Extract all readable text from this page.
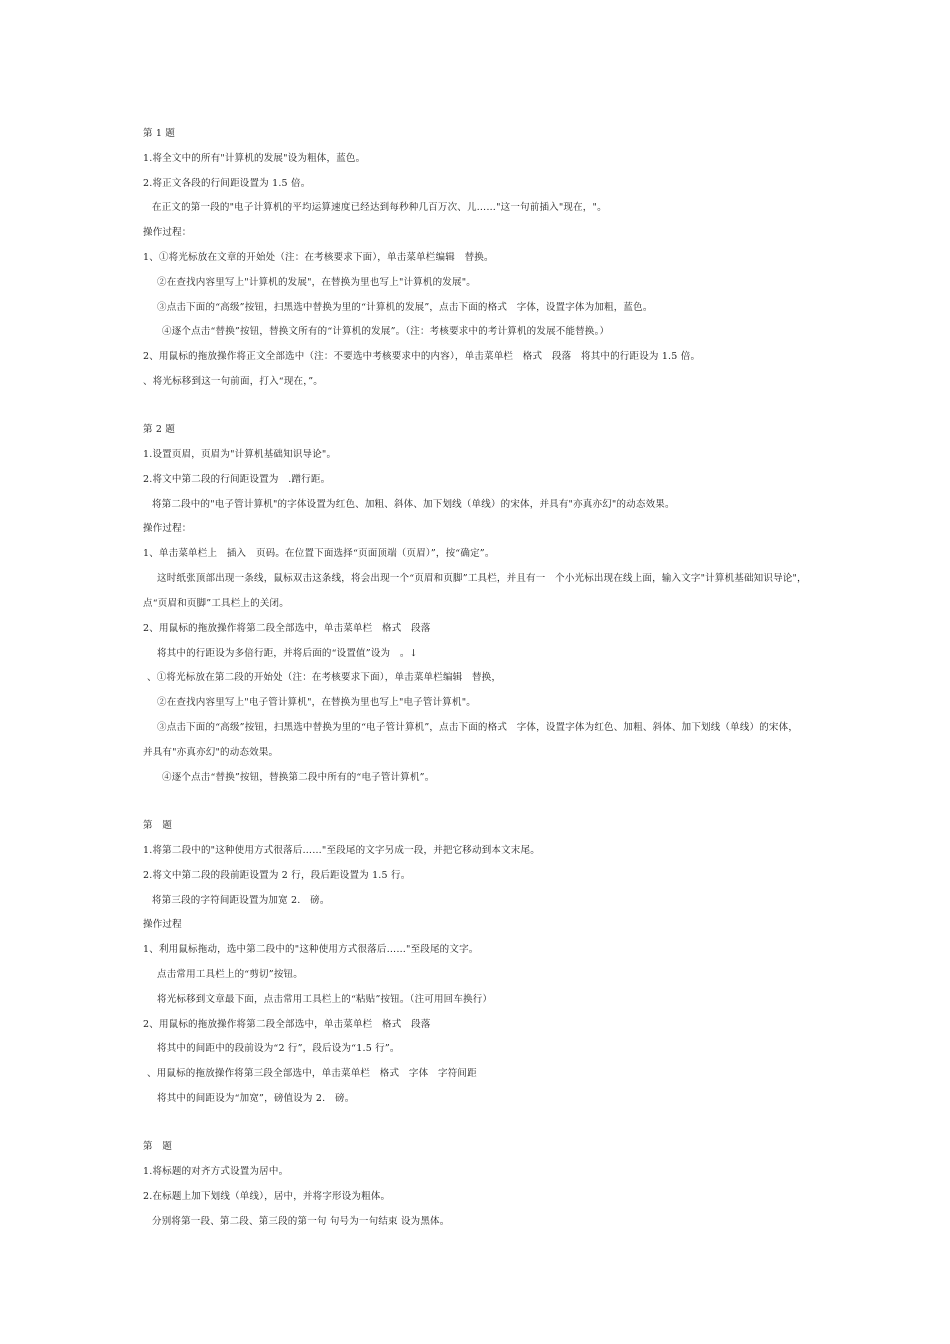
第 1 题
1.将全文中的所有"计算机的发展"设为粗体，蓝色。
2.将正文各段的行间距设置为 1.5 倍。
在正文的第一段的"电子计算机的平均运算速度已经达到每秒种几百万次、儿……"这一句前插入"现在，"。
操作过程：
1、①将光标放在文章的开始处（注：在考核要求下面），单击菜单栏编辑　替换。
②在查找内容里写上"计算机的发展"，在替换为里也写上"计算机的发展"。
③点击下面的“高级”按钮，扫黑选中替换为里的“计算机的发展”，点击下面的格式　字体，设置字体为加粗，蓝色。
④逐个点击“替换”按钮，替换文所有的“计算机的发展”。（注：考核要求中的考计算机的发展不能替换。）
2、用鼠标的拖放操作将正文全部选中（注：不要选中考核要求中的内容），单击菜单栏　格式　段落　将其中的行距设为 1.5 倍。
、将光标移到这一句前面，打入“现在，”。
第 2 题
1.设置页眉，页眉为"计算机基础知识导论"。
2.将文中第二段的行间距设置为　.蹭行距。
将第二段中的"电子管计算机"的字体设置为红色、加粗、斜体、加下划线（单线）的宋体，并具有"亦真亦幻"的动态效果。
操作过程：
1、单击菜单栏上　插入　页码。在位置下面选择“页面顶端（页眉）”，按“确定”。
这时纸张顶部出现一条线，鼠标双击这条线，将会出现一个“页眉和页脚”工具栏，并且有一　个小光标出现在线上面，输入文字"计算机基础知识导论"，
点“页眉和页脚”工具栏上的关闭。
2、用鼠标的拖放操作将第二段全部选中，单击菜单栏　格式　段落
将其中的行距设为多倍行距，并将后面的“设置值”设为　。↓
、①将光标放在第二段的开始处（注：在考核要求下面），单击菜单栏编辑　替换，
②在查找内容里写上"电子管计算机"，在替换为里也写上"电子管计算机"。
③点击下面的“高级”按钮，扫黑选中替换为里的“电子管计算机”，点击下面的格式　字体，设置字体为红色、加粗、斜体、加下划线（单线）的宋体，
并具有"亦真亦幻"的动态效果。
④逐个点击“替换”按钮，替换第二段中所有的“电子管计算机”。
第　题
1.将第二段中的"这种使用方式很落后……"至段尾的文字另成一段，并把它移动到本文末尾。
2.将文中第二段的段前距设置为 2 行，段后距设置为 1.5 行。
将第三段的字符间距设置为加宽 2.　磅。
操作过程
1、利用鼠标拖动，选中第二段中的"这种使用方式很落后……"至段尾的文字。
点击常用工具栏上的“剪切”按钮。
将光标移到文章最下面，点击常用工具栏上的“粘贴”按钮。（注可用回车换行）
2、用鼠标的拖放操作将第二段全部选中，单击菜单栏　格式　段落
将其中的间距中的段前设为“2 行”，段后设为“1.5 行”。
、用鼠标的拖放操作将第三段全部选中，单击菜单栏　格式　字体　字符间距
将其中的间距设为“加宽”，磅值设为 2.　磅。
第　题
1.将标题的对齐方式设置为居中。
2.在标题上加下划线（单线），居中，并将字形设为粗体。
分别将第一段、第二段、第三段的第一句 句号为一句结束 设为黑体。
